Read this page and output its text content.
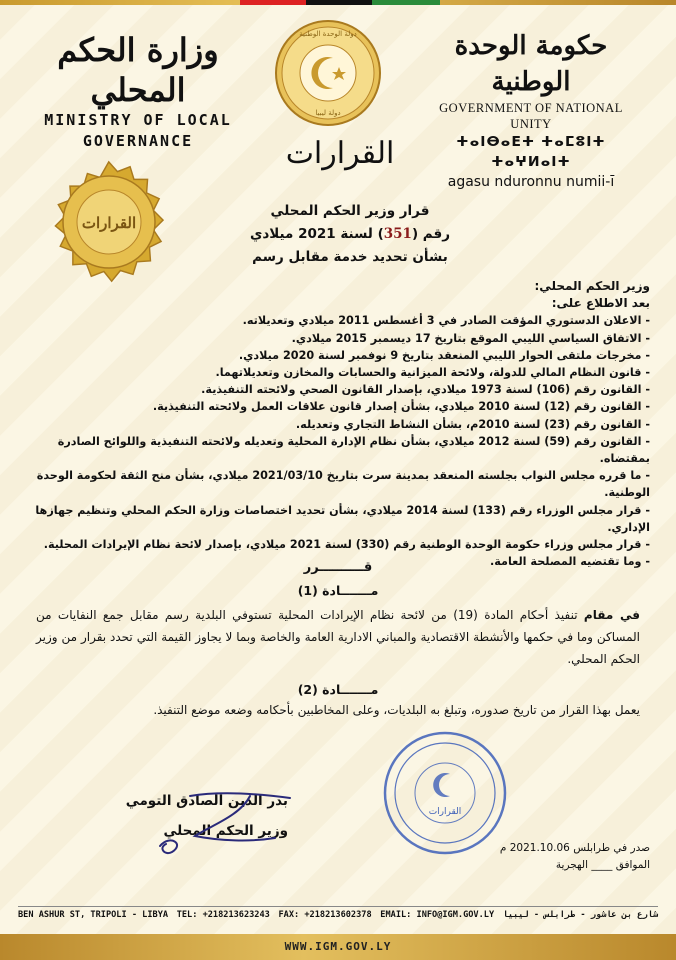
وزارة الحكم المحلي
MINISTRY OF LOCAL
GOVERNANCE
دولة الوحدة الوطنية
دولة ليبيا
حكومة الوحدة الوطنية
GOVERNMENT OF NATIONAL UNITY
ⵜⴰⵏⴱⴰⴹⵜ ⵜⴰⵎⵓⵏⵜ ⵜⴰⵖⵍⴰⵏⵜ
agasu nduronnu numii-ī
القرارات
القرارات
قرار وزير الحكم المحلي
رقم (351) لسنة 2021 ميلادي
بشأن تحديد خدمة مقابل رسم
وزير الحكم المحلي:
بعد الاطلاع على:
- الاعلان الدستوري المؤقت الصادر في 3 أغسطس 2011 ميلادي وتعديلاته.
- الاتفاق السياسي الليبي الموقع بتاريخ 17 ديسمبر 2015 ميلادي.
- مخرجات ملتقى الحوار الليبي المنعقد بتاريخ 9 نوفمبر لسنة 2020 ميلادي.
- قانون النظام المالي للدولة، ولائحة الميزانية والحسابات والمخازن وتعديلاتهما.
- القانون رقم (106) لسنة 1973 ميلادي، بإصدار القانون الصحي ولائحته التنفيذية.
- القانون رقم (12) لسنة 2010 ميلادي، بشأن إصدار قانون علاقات العمل ولائحته التنفيذية.
- القانون رقم (23) لسنة 2010م، بشأن النشاط التجاري وتعديله.
- القانون رقم (59) لسنة 2012 ميلادي، بشأن نظام الإدارة المحلية وتعديله ولائحته التنفيذية واللوائح الصادرة بمقتضاه.
- ما قرره مجلس النواب بجلسته المنعقد بمدينة سرت بتاريخ 2021/03/10 ميلادي، بشأن منح الثقة لحكومة الوحدة الوطنية.
- قرار مجلس الوزراء رقم (133) لسنة 2014 ميلادي، بشأن تحديد اختصاصات وزارة الحكم المحلي وتنظيم جهازها الإداري.
- قرار مجلس وزراء حكومة الوحدة الوطنية رقم (330) لسنة 2021 ميلادي، بإصدار لائحة نظام الإيرادات المحلية.
- وما تقتضيه المصلحة العامة.
قــــــــــرر
مـــــــادة (1)
في مقام تنفيذ أحكام المادة (19) من لائحة نظام الإيرادات المحلية تستوفي البلدية رسم مقابل جمع النفايات من المساكن وما في حكمها والأنشطة الاقتصادية والمباني الادارية العامة والخاصة وبما لا يجاوز القيمة التي تحدد بقرار من وزير الحكم المحلي.
مـــــــادة (2)
يعمل بهذا القرار من تاريخ صدوره، وتبلغ به البلديات، وعلى المخاطبين بأحكامه وضعه موضع التنفيذ.
القرارات
بدر الدين الصادق التومي
وزير الحكم المحلي
صدر في طرابلس 2021.10.06 م
الموافق ____ الهجرية
BEN ASHUR ST, TRIPOLI - LIBYA TEL: +218213623243 FAX: +218213602378 EMAIL: INFO@IGM.GOV.LY شارع بن عاشور - طرابلس - ليبيا
WWW.IGM.GOV.LY
